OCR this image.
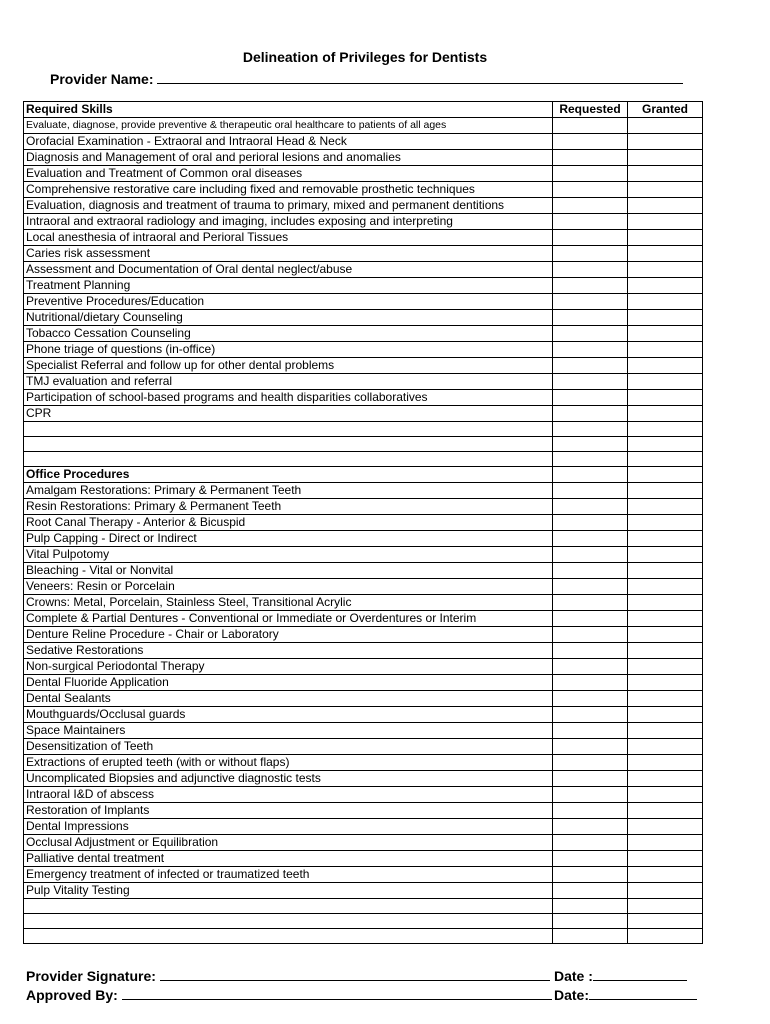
Delineation of Privileges for Dentists
Provider Name:
Required Skills	Requested	Granted
Evaluate, diagnose, provide preventive & therapeutic oral healthcare to patients of all ages		
Orofacial Examination - Extraoral and Intraoral Head & Neck		
Diagnosis and Management of oral and perioral lesions and anomalies		
Evaluation and Treatment of Common oral diseases		
Comprehensive restorative care including fixed and removable prosthetic techniques		
Evaluation, diagnosis and treatment of trauma to primary, mixed and permanent dentitions		
Intraoral and extraoral radiology and imaging, includes exposing and interpreting		
Local anesthesia of intraoral and Perioral Tissues		
Caries risk assessment		
Assessment and Documentation of Oral dental neglect/abuse		
Treatment Planning		
Preventive Procedures/Education		
Nutritional/dietary Counseling		
Tobacco Cessation Counseling		
Phone triage of questions (in-office)		
Specialist Referral and follow up for other dental problems		
TMJ evaluation and referral		
Participation of school-based programs and health disparities collaboratives		
CPR		

Office Procedures		
Amalgam Restorations: Primary & Permanent Teeth		
Resin Restorations: Primary & Permanent Teeth		
Root Canal Therapy - Anterior & Bicuspid		
Pulp Capping - Direct or Indirect		
Vital Pulpotomy		
Bleaching - Vital or Nonvital		
Veneers: Resin or Porcelain		
Crowns: Metal, Porcelain, Stainless Steel, Transitional Acrylic		
Complete & Partial Dentures - Conventional or Immediate or Overdentures or Interim		
Denture Reline Procedure - Chair or Laboratory		
Sedative Restorations		
Non-surgical Periodontal Therapy		
Dental Fluoride Application		
Dental Sealants		
Mouthguards/Occlusal guards		
Space Maintainers		
Desensitization of Teeth		
Extractions of erupted teeth (with or without flaps)		
Uncomplicated Biopsies and adjunctive diagnostic tests		
Intraoral I&D of abscess		
Restoration of Implants		
Dental Impressions		
Occlusal Adjustment or Equilibration		
Palliative dental treatment		
Emergency treatment of infected or traumatized teeth		
Pulp Vitality Testing		

Provider Signature:
Approved By:
Date :
Date:
